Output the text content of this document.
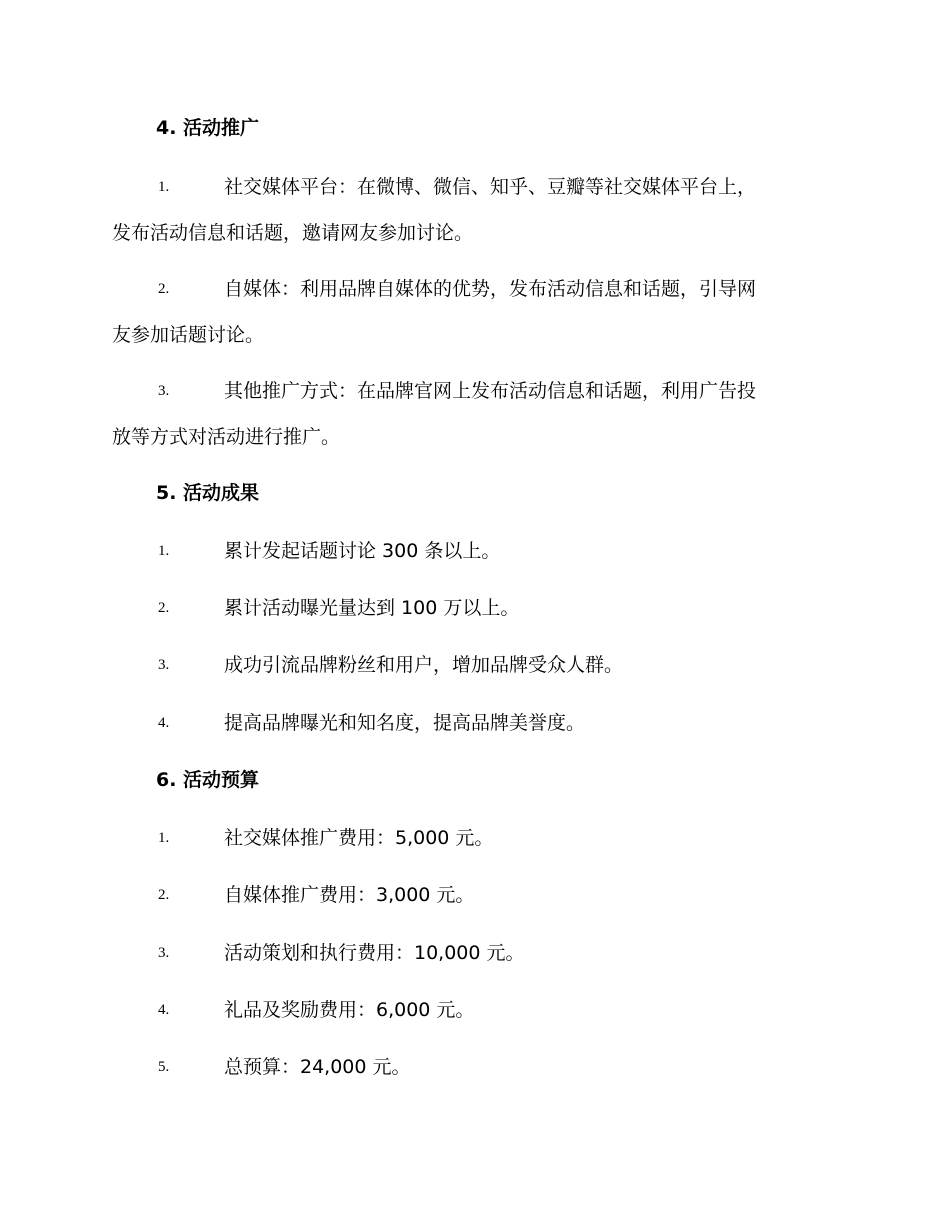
4. 活动推广
1.	社交媒体平台：在微博、微信、知乎、豆瓣等社交媒体平台上，
发布活动信息和话题，邀请网友参加讨论。
2.	自媒体：利用品牌自媒体的优势，发布活动信息和话题，引导网
友参加话题讨论。
3.	其他推广方式：在品牌官网上发布活动信息和话题，利用广告投
放等方式对活动进行推广。
5. 活动成果
1.	累计发起话题讨论 300 条以上。
2.	累计活动曝光量达到 100 万以上。
3.	成功引流品牌粉丝和用户，增加品牌受众人群。
4.	提高品牌曝光和知名度，提高品牌美誉度。
6. 活动预算
1.	社交媒体推广费用：5,000 元。
2.	自媒体推广费用：3,000 元。
3.	活动策划和执行费用：10,000 元。
4.	礼品及奖励费用：6,000 元。
5.	总预算：24,000 元。
